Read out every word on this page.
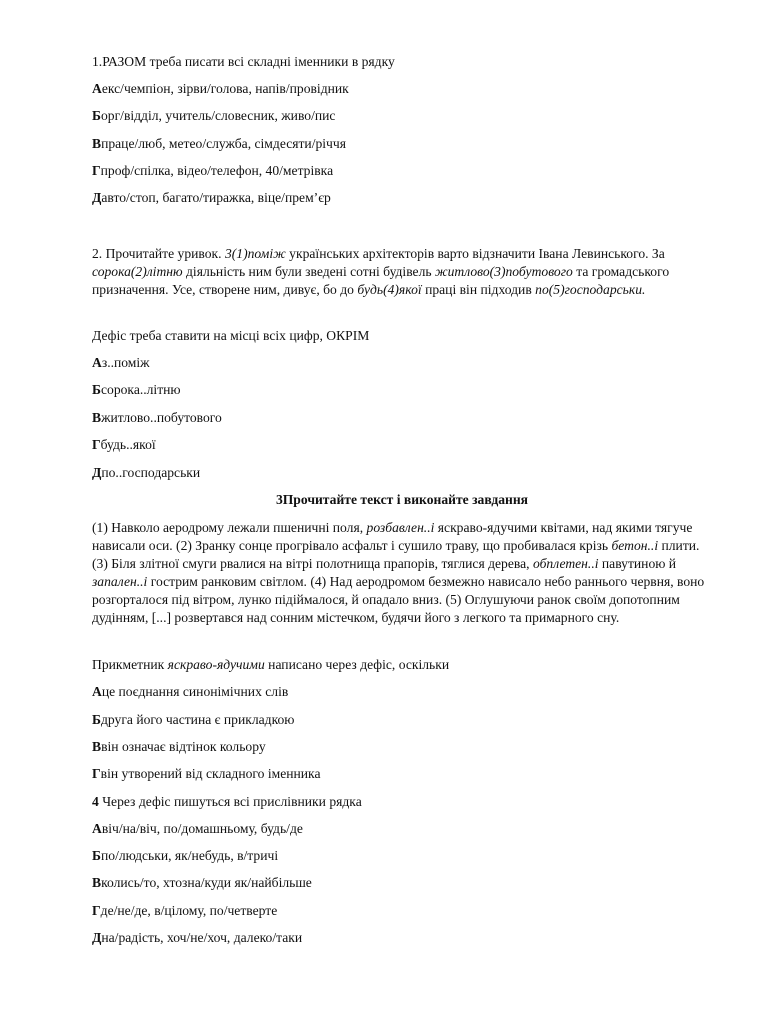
1.РАЗОМ треба писати всі складні іменники в рядку

Аекс/чемпіон, зірви/голова, напів/провідник

Борг/відділ, учитель/словесник, живо/пис

Впраце/люб, метео/служба, сімдесяти/річчя

Гпроф/спілка, відео/телефон, 40/метрівка

Давто/стоп, багато/тиражка, віце/прем’єр

2. Прочитайте уривок. 3(1)поміж українських архітекторів варто відзначити Івана Левинського. За сорока(2)літню діяльність ним були зведені сотні будівель житлово(3)побутового та громадського призначення. Усе, створене ним, дивує, бо до будь(4)якої праці він підходив по(5)господарськи.

Дефіс треба ставити на місці всіх цифр, ОКРІМ

Аз..поміж

Бсорока..літню

Вжитлово..побутового

Гбудь..якої

Дпо..господарськи

3Прочитайте текст і виконайте завдання

(1) Навколо аеродрому лежали пшеничні поля, розбавлен..і яскраво-ядучими квітами, над якими тягуче нависали оси. (2) Зранку сонце прогрівало асфальт і сушило траву, що пробивалася крізь бетон..і плити. (3) Біля злітної смуги рвалися на вітрі полотнища прапорів, тяглися дерева, обплетен..і павутиною й запален..і гострим ранковим світлом. (4) Над аеродромом безмежно нависало небо раннього червня, воно розгорталося під вітром, лунко підіймалося, й опадало вниз. (5) Оглушуючи ранок своїм допотопним дудінням, [...] розвертався над сонним містечком, будячи його з легкого та примарного сну.

Прикметник яскраво-ядучими написано через дефіс, оскільки

Аце поєднання синонімічних слів

Бдруга його частина є прикладкою

Ввін означає відтінок кольору

Гвін утворений від складного іменника

4 Через дефіс пишуться всі прислівники рядка

Авіч/на/віч, по/домашньому, будь/де

Бпо/людськи, як/небудь, в/тричі

Вколись/то, хтозна/куди як/найбільше

Где/не/де, в/цілому, по/четверте

Дна/радість, хоч/не/хоч, далеко/таки
